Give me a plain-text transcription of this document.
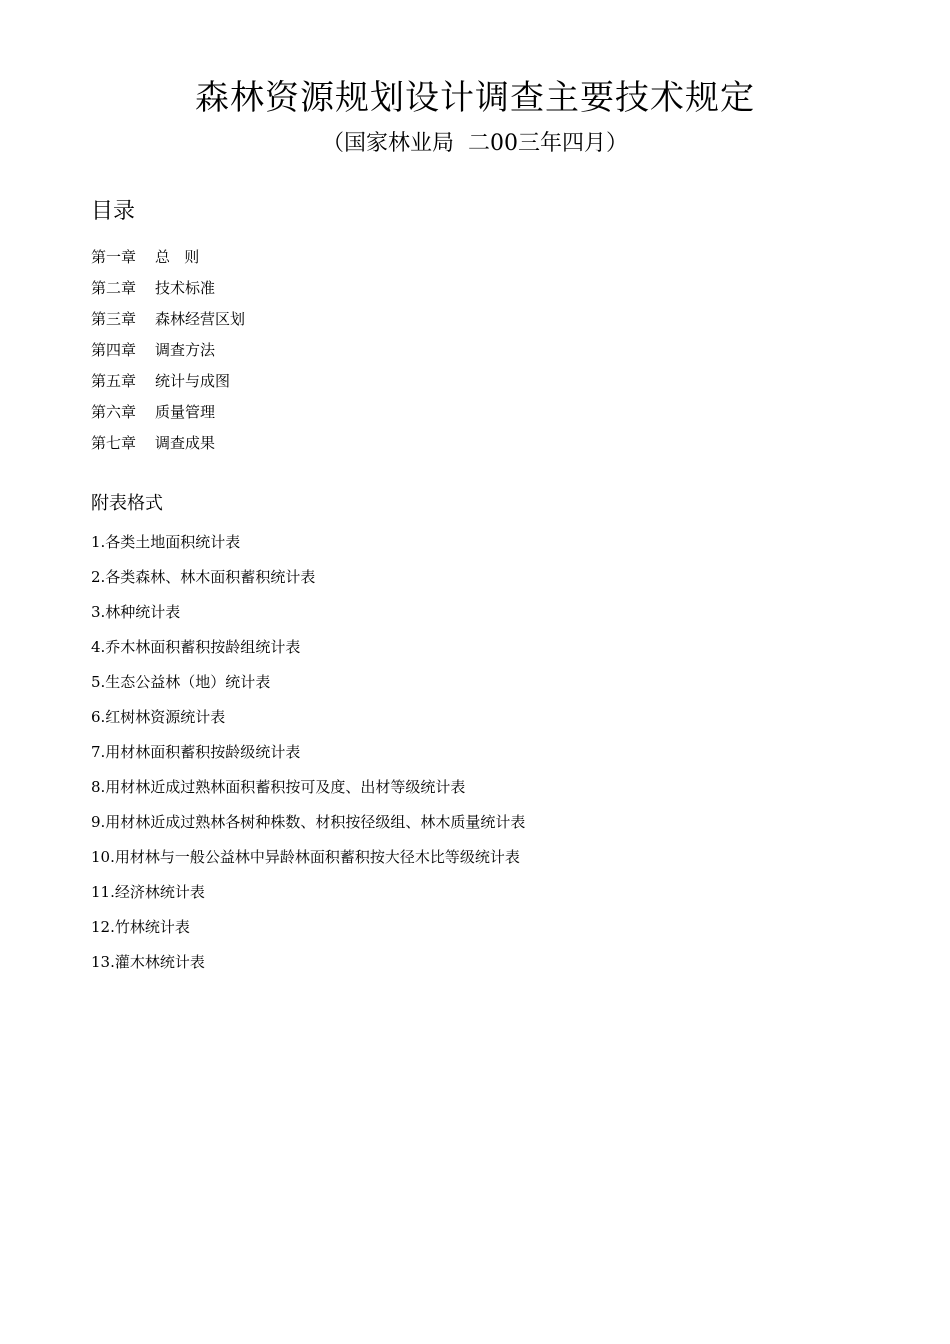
森林资源规划设计调查主要技术规定
（国家林业局  二00三年四月）
目录
第一章 总   则
第二章 技术标准
第三章 森林经营区划
第四章 调查方法
第五章 统计与成图
第六章 质量管理
第七章 调查成果
附表格式
1.各类土地面积统计表
2.各类森林、林木面积蓄积统计表
3.林种统计表
4.乔木林面积蓄积按龄组统计表
5.生态公益林（地）统计表
6.红树林资源统计表
7.用材林面积蓄积按龄级统计表
8.用材林近成过熟林面积蓄积按可及度、出材等级统计表
9.用材林近成过熟林各树种株数、材积按径级组、林木质量统计表
10.用材林与一般公益林中异龄林面积蓄积按大径木比等级统计表
11.经济林统计表
12.竹林统计表
13.灌木林统计表
